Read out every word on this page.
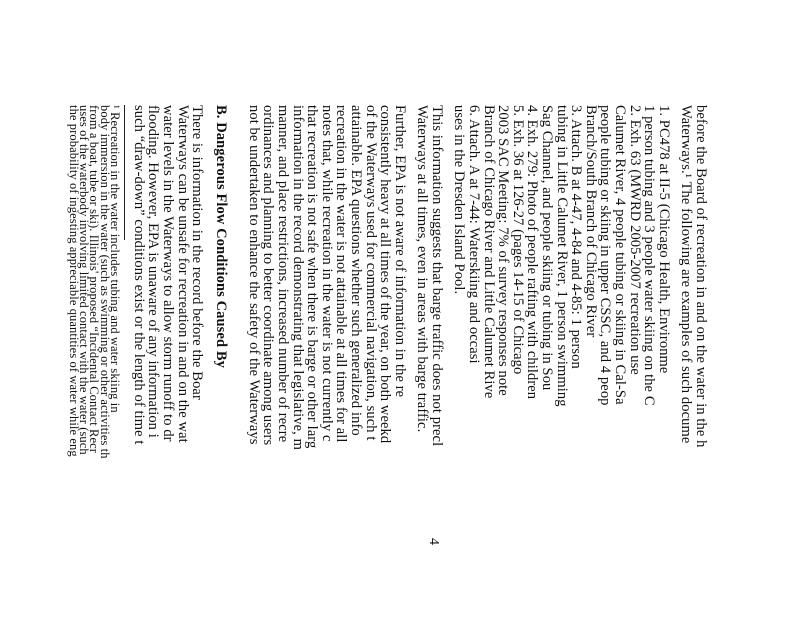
before the Board of recreation in and on the water in the h
Waterways.¹ The following are examples of such docume
1. PC478 at II-5 (Chicago Health, Environme
1 person tubing and 3 people water skiing on the C
2. Exh. 63 (MWRD 2005-2007 recreation use
Calumet River, 4 people tubing or skiing in Cal-Sa
people tubing or skiing in upper CSSC, and 4 peop
Branch/South Branch of Chicago River
3. Attach. B at 4-47, 4-84 and 4-85: 1 person
tubing in Little Calumet River, 1 person swimming
Sag Channel, and people skiing or tubing in Sou
4. Exh. 279: Photo of people rafting with children
5. Exh. 36 at 126-27 (pages 14-15 of Chicago
2003 SAC Meeting: 7% of survey responses note
Branch of Chicago River and Little Calumet Rive
6. Attach. A at 7-44: Waterskiing and occasi
uses in the Dresden Island Pool.
This information suggests that barge traffic does not precl
Waterways at all times, even in areas with barge traffic.
Further, EPA is not aware of information in the re
consistently heavy at all times of the year, on both weekd
of the Waterways used for commercial navigation, such t
attainable. EPA questions whether such generalized info
recreation in the water is not attainable at all times for all
notes that, while recreation in the water is not currently c
that recreation is not safe when there is barge or other larg
information in the record demonstrating that legislative, m
manner, and place restrictions, increased number of recre
ordinances and planning to better coordinate among users
not be undertaken to enhance the safety of the Waterways
B. Dangerous Flow Conditions Caused By
There is information in the record before the Boar
Waterways can be unsafe for recreation in and on the wat
water levels in the Waterways to allow storm runoff to dr
flooding. However, EPA is unaware of any information i
such “draw-down” conditions exist or the length of time t
¹ Recreation in the water includes tubing and water skiing in
body immersion in the water (such as swimming or other activities th
from a boat, tube or ski). Illinois' proposed “Incidental Contact Recr
uses of the waterbody involving limited contact with the water (such
the probability of ingesting appreciable quantities of water while eng
4
